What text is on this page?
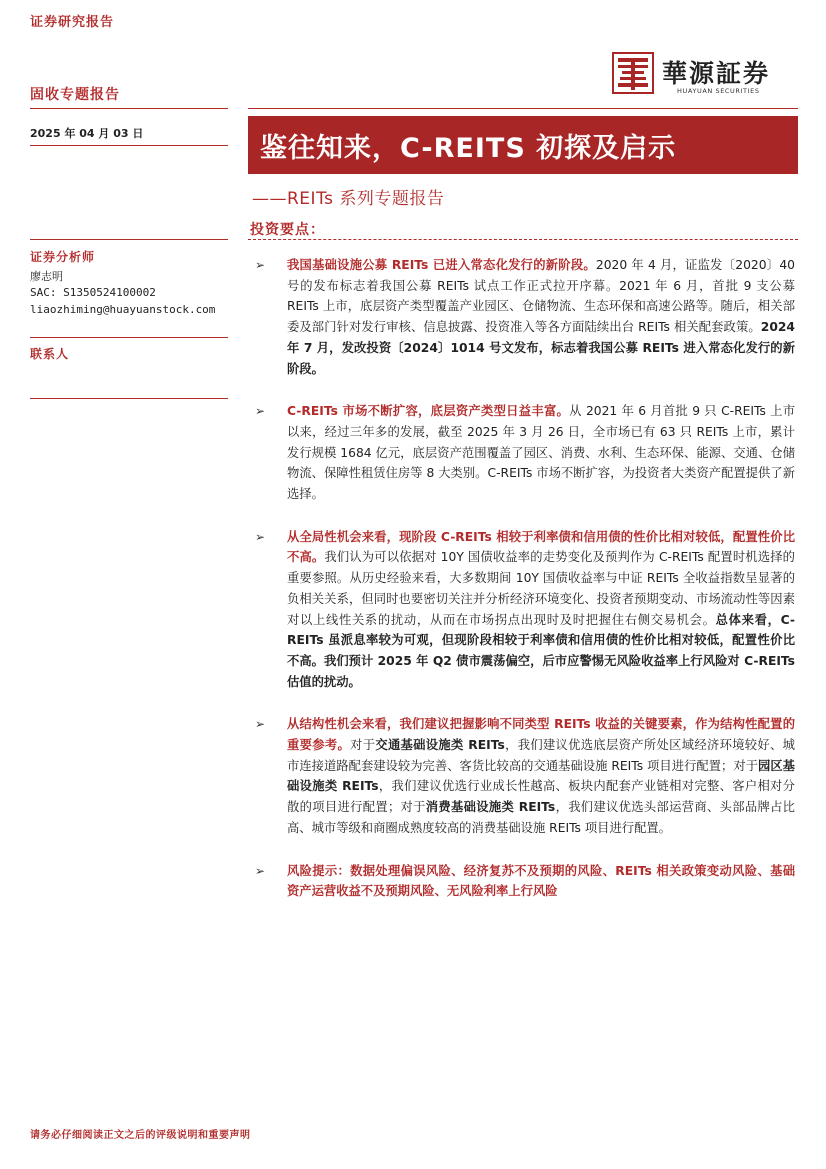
证券研究报告
華源証券
HUAYUAN SECURITIES
固收专题报告
2025 年 04 月 03 日	鉴往知来，C-REITS 初探及启示
——REITs 系列专题报告
投资要点：
证券分析师
廖志明
SAC: S1350524100002
liaozhiming@huayuanstock.com
联系人
➢ 我国基础设施公募 REITs 已进入常态化发行的新阶段。2020 年 4 月，证监发〔2020〕40 号的发布标志着我国公募 REITs 试点工作正式拉开序幕。2021 年 6 月，首批 9 支公募 REITs 上市，底层资产类型覆盖产业园区、仓储物流、生态环保和高速公路等。随后，相关部委及部门针对发行审核、信息披露、投资准入等各方面陆续出台 REITs 相关配套政策。2024 年 7 月，发改投资〔2024〕1014 号文发布，标志着我国公募 REITs 进入常态化发行的新阶段。
➢ C-REITs 市场不断扩容，底层资产类型日益丰富。从 2021 年 6 月首批 9 只 C-REITs 上市以来，经过三年多的发展，截至 2025 年 3 月 26 日，全市场已有 63 只 REITs 上市，累计发行规模 1684 亿元，底层资产范围覆盖了园区、消费、水利、生态环保、能源、交通、仓储物流、保障性租赁住房等 8 大类别。C-REITs 市场不断扩容，为投资者大类资产配置提供了新选择。
➢ 从全局性机会来看，现阶段 C-REITs 相较于利率债和信用债的性价比相对较低，配置性价比不高。我们认为可以依据对 10Y 国债收益率的走势变化及预判作为 C-REITs 配置时机选择的重要参照。从历史经验来看，大多数期间 10Y 国债收益率与中证 REITs 全收益指数呈显著的负相关关系，但同时也要密切关注并分析经济环境变化、投资者预期变动、市场流动性等因素对以上线性关系的扰动，从而在市场拐点出现时及时把握住右侧交易机会。总体来看，C-REITs 虽派息率较为可观，但现阶段相较于利率债和信用债的性价比相对较低，配置性价比不高。我们预计 2025 年 Q2 债市震荡偏空，后市应警惕无风险收益率上行风险对 C-REITs 估值的扰动。
➢ 从结构性机会来看，我们建议把握影响不同类型 REITs 收益的关键要素，作为结构性配置的重要参考。对于交通基础设施类 REITs，我们建议优选底层资产所处区域经济环境较好、城市连接道路配套建设较为完善、客货比较高的交通基础设施 REITs 项目进行配置；对于园区基础设施类 REITs，我们建议优选行业成长性越高、板块内配套产业链相对完整、客户相对分散的项目进行配置；对于消费基础设施类 REITs，我们建议优选头部运营商、头部品牌占比高、城市等级和商圈成熟度较高的消费基础设施 REITs 项目进行配置。
➢ 风险提示：数据处理偏误风险、经济复苏不及预期的风险、REITs 相关政策变动风险、基础资产运营收益不及预期风险、无风险利率上行风险
请务必仔细阅读正文之后的评级说明和重要声明
